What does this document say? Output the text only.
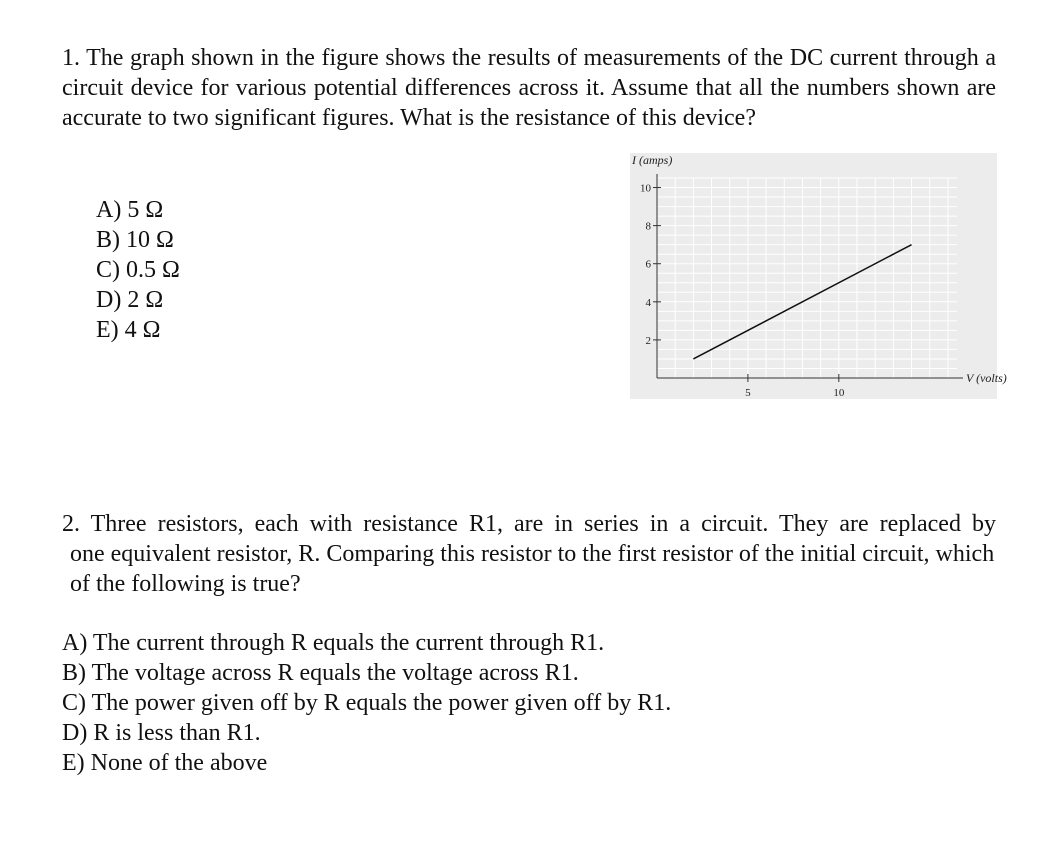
1. The graph shown in the figure shows the results of measurements of the DC current through a circuit device for various potential differences across it. Assume that all the numbers shown are accurate to two significant figures. What is the resistance of this device?
A) 5 Ω
B) 10 Ω
C) 0.5 Ω
D) 2 Ω
E) 4 Ω	2
4
6
8
10
5	10
I (amps)
V (volts)
2. Three resistors, each with resistance R1, are in series in a circuit. They are replaced by
one equivalent resistor, R. Comparing this resistor to the first resistor of the initial circuit, which of the following is true?
A) The current through R equals the current through R1.
B) The voltage across R equals the voltage across R1.
C) The power given off by R equals the power given off by R1.
D) R is less than R1.
E) None of the above
